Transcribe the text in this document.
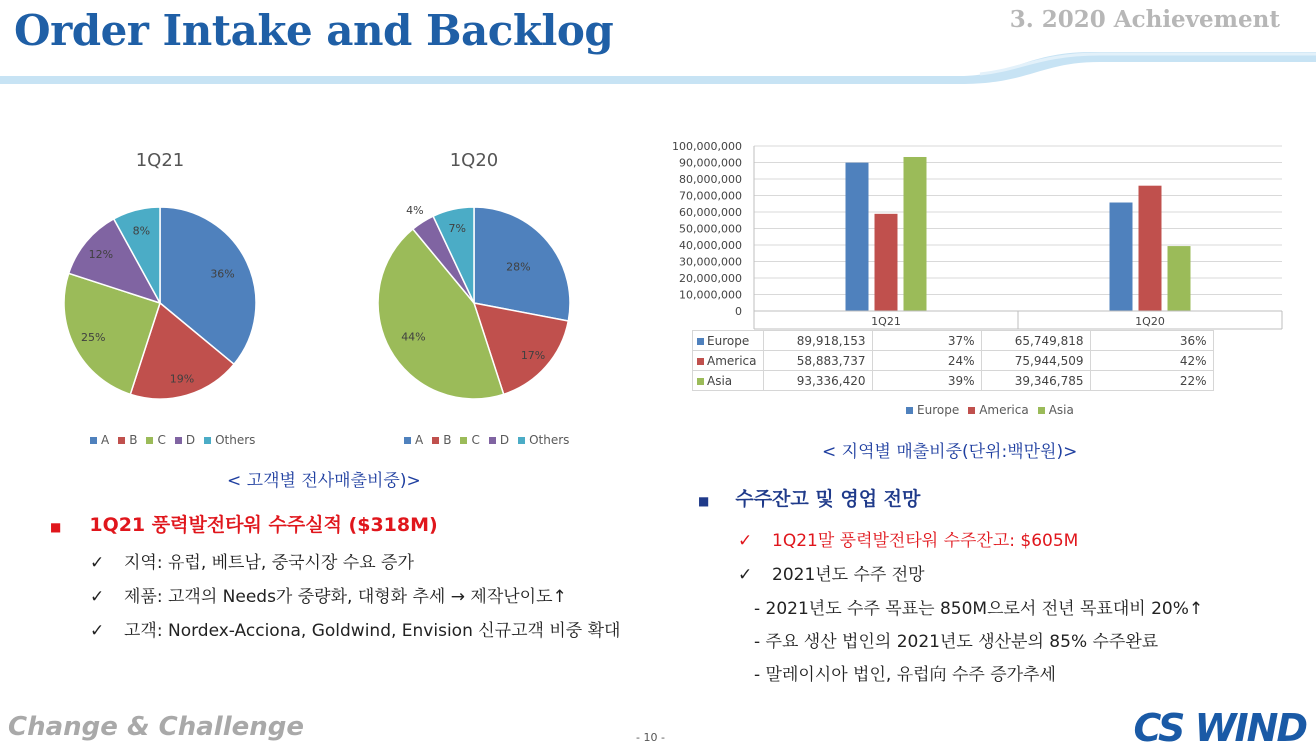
Order Intake and Backlog	3. 2020 Achievement
1Q21
36%
19%
25%
12%
8%
A B C D Others
1Q20
28%
17%
44%
4%
7%
A B C D Others
< 고객별 전사매출비중)>
0
10,000,000
20,000,000
30,000,000
40,000,000
50,000,000
60,000,000
70,000,000
80,000,000
90,000,000
100,000,000
1Q21	1Q20
Europe	89,918,153	37%	65,749,818	36%
America	58,883,737	24%	75,944,509	42%
Asia	93,336,420	39%	39,346,785	22%
Europe America Asia
< 지역별 매출비중(단위:백만원)>
■ 1Q21 풍력발전타워 수주실적 ($318M)
✓ 지역: 유럽, 베트남, 중국시장 수요 증가
✓ 제품: 고객의 Needs가 중량화, 대형화 추세 → 제작난이도↑
✓ 고객: Nordex-Acciona, Goldwind, Envision 신규고객 비중 확대
■ 수주잔고 및 영업 전망
✓ 1Q21말 풍력발전타워 수주잔고: $605M
✓ 2021년도 수주 전망
- 2021년도 수주 목표는 850M으로서 전년 목표대비 20%↑
- 주요 생산 법인의 2021년도 생산분의 85% 수주완료
- 말레이시아 법인, 유럽向 수주 증가추세
Change & Challenge	- 10 -	CS WIND
